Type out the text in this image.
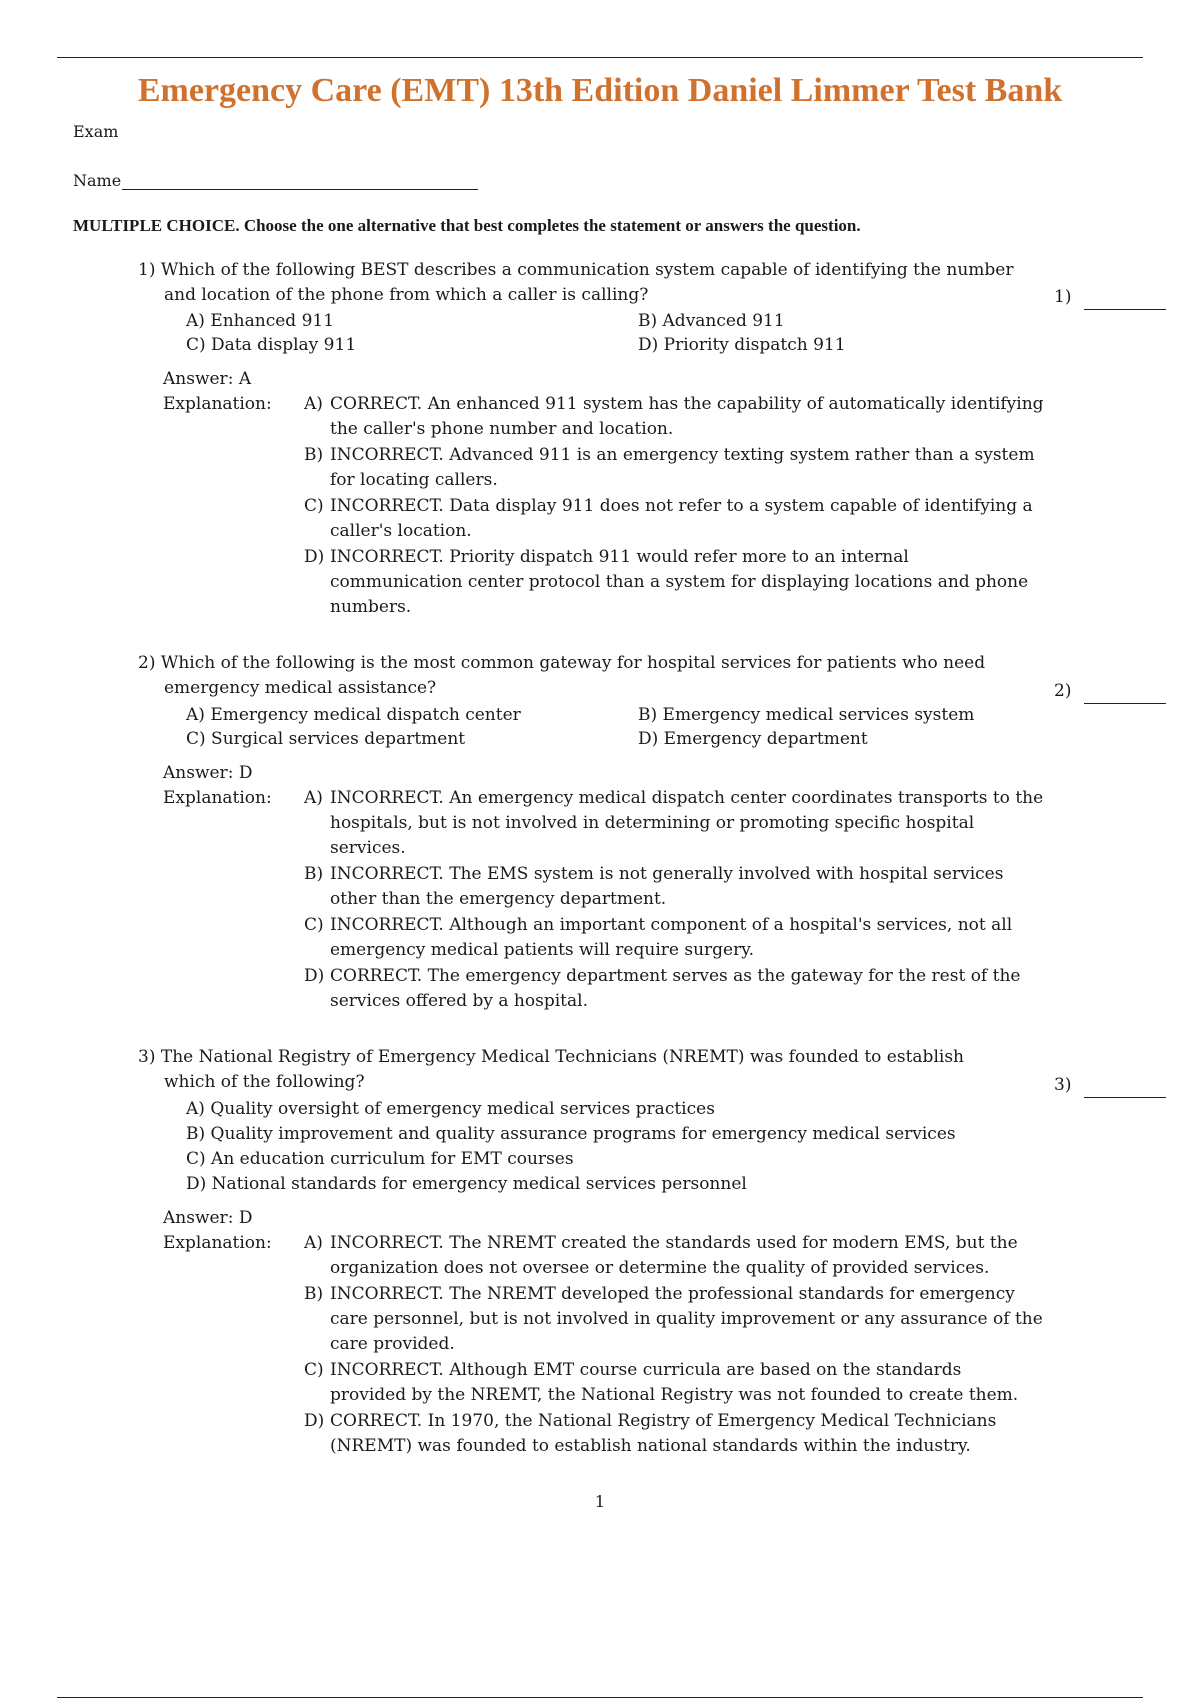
Emergency Care (EMT) 13th Edition Daniel Limmer Test Bank
Exam
Name
MULTIPLE CHOICE. Choose the one alternative that best completes the statement or answers the question.
1) Which of the following BEST describes a communication system capable of identifying the number
and location of the phone from which a caller is calling?	1)
A) Enhanced 911	B) Advanced 911
C) Data display 911	D) Priority dispatch 911
Answer: A
Explanation: A) CORRECT. An enhanced 911 system has the capability of automatically identifying
the caller's phone number and location.
B) INCORRECT. Advanced 911 is an emergency texting system rather than a system
for locating callers.
C) INCORRECT. Data display 911 does not refer to a system capable of identifying a
caller's location.
D) INCORRECT. Priority dispatch 911 would refer more to an internal
communication center protocol than a system for displaying locations and phone
numbers.
2) Which of the following is the most common gateway for hospital services for patients who need
emergency medical assistance?	2)
A) Emergency medical dispatch center	B) Emergency medical services system
C) Surgical services department	D) Emergency department
Answer: D
Explanation: A) INCORRECT. An emergency medical dispatch center coordinates transports to the
hospitals, but is not involved in determining or promoting specific hospital
services.
B) INCORRECT. The EMS system is not generally involved with hospital services
other than the emergency department.
C) INCORRECT. Although an important component of a hospital's services, not all
emergency medical patients will require surgery.
D) CORRECT. The emergency department serves as the gateway for the rest of the
services offered by a hospital.
3) The National Registry of Emergency Medical Technicians (NREMT) was founded to establish
which of the following?	3)
A) Quality oversight of emergency medical services practices
B) Quality improvement and quality assurance programs for emergency medical services
C) An education curriculum for EMT courses
D) National standards for emergency medical services personnel
Answer: D
Explanation: A) INCORRECT. The NREMT created the standards used for modern EMS, but the
organization does not oversee or determine the quality of provided services.
B) INCORRECT. The NREMT developed the professional standards for emergency
care personnel, but is not involved in quality improvement or any assurance of the
care provided.
C) INCORRECT. Although EMT course curricula are based on the standards
provided by the NREMT, the National Registry was not founded to create them.
D) CORRECT. In 1970, the National Registry of Emergency Medical Technicians
(NREMT) was founded to establish national standards within the industry.
1
